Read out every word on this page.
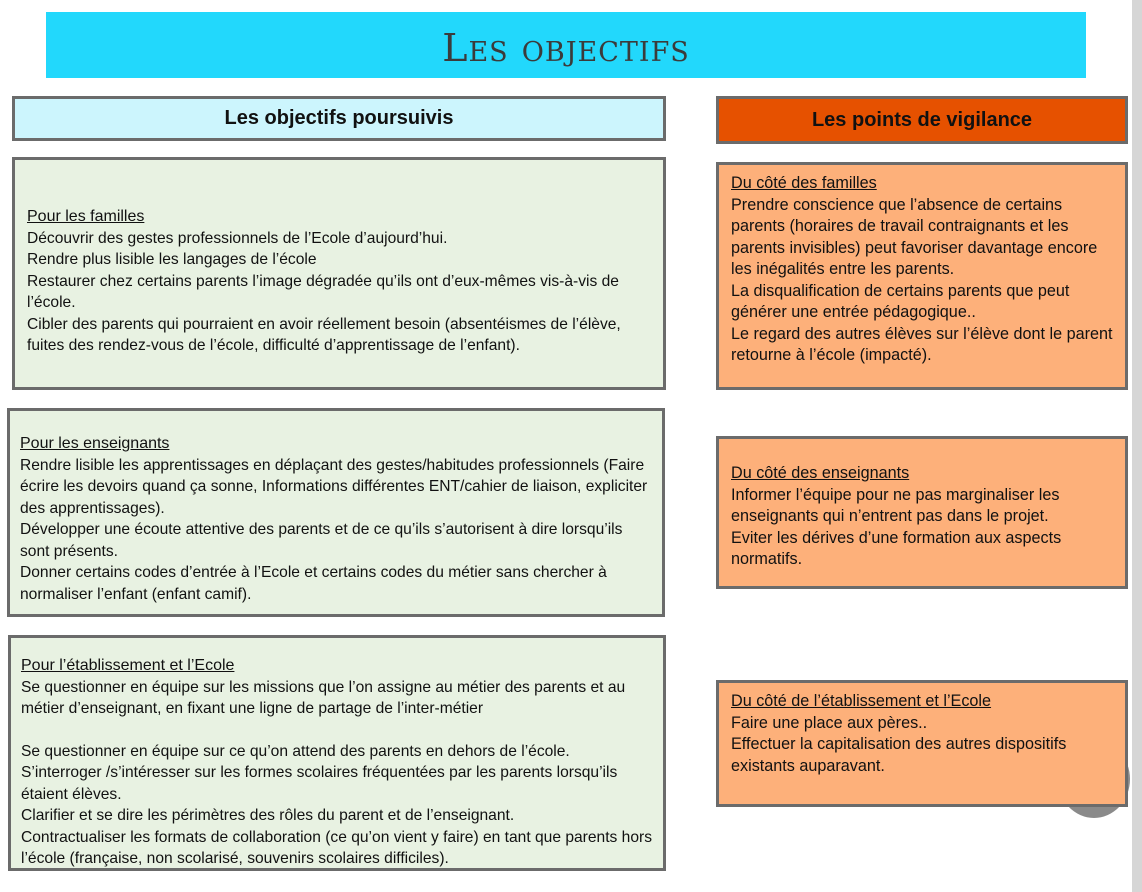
Les objectifs
Les objectifs poursuivis	Les points de vigilance
Pour les familles
Découvrir des gestes professionnels de l’Ecole d’aujourd’hui.
Rendre plus lisible les langages de l’école
Restaurer chez certains parents l’image dégradée qu’ils ont d’eux-mêmes vis-à-vis de l’école.
Cibler des parents qui pourraient en avoir réellement besoin (absentéismes de l’élève, fuites des rendez-vous de l’école, difficulté d’apprentissage de l’enfant).
Pour les enseignants
Rendre lisible les apprentissages en déplaçant des gestes/habitudes professionnels (Faire écrire les devoirs quand ça sonne, Informations différentes ENT/cahier de liaison, expliciter des apprentissages).
Développer une écoute attentive des parents et de ce qu’ils s’autorisent à dire lorsqu’ils sont présents.
Donner certains codes d’entrée à l’Ecole et certains codes du métier sans chercher à normaliser l’enfant (enfant camif).
Pour l’établissement et l’Ecole
Se questionner en équipe sur les missions que l’on assigne au métier des parents et au métier d’enseignant, en fixant une ligne de partage de l’inter-métier
Se questionner en équipe sur ce qu’on attend des parents en dehors de l’école.
S’interroger /s’intéresser sur les formes scolaires fréquentées par les parents lorsqu’ils étaient élèves.
Clarifier et se dire les périmètres des rôles du parent et de l’enseignant.
Contractualiser les formats de collaboration (ce qu’on vient y faire) en tant que parents hors l’école (française, non scolarisé, souvenirs scolaires difficiles).
Du côté des familles
Prendre conscience que l’absence de certains parents (horaires de travail contraignants et les parents invisibles) peut favoriser davantage encore les inégalités entre les parents.
La disqualification de certains parents que peut générer une entrée pédagogique..
Le regard des autres élèves sur l’élève dont le parent retourne à l’école (impacté).
Du côté des enseignants
Informer l’équipe pour ne pas marginaliser les enseignants qui n’entrent pas dans le projet.
Eviter les dérives d’une formation aux aspects normatifs.
Du côté de l’établissement et l’Ecole
Faire une place aux pères..
Effectuer la capitalisation des autres dispositifs existants auparavant.
